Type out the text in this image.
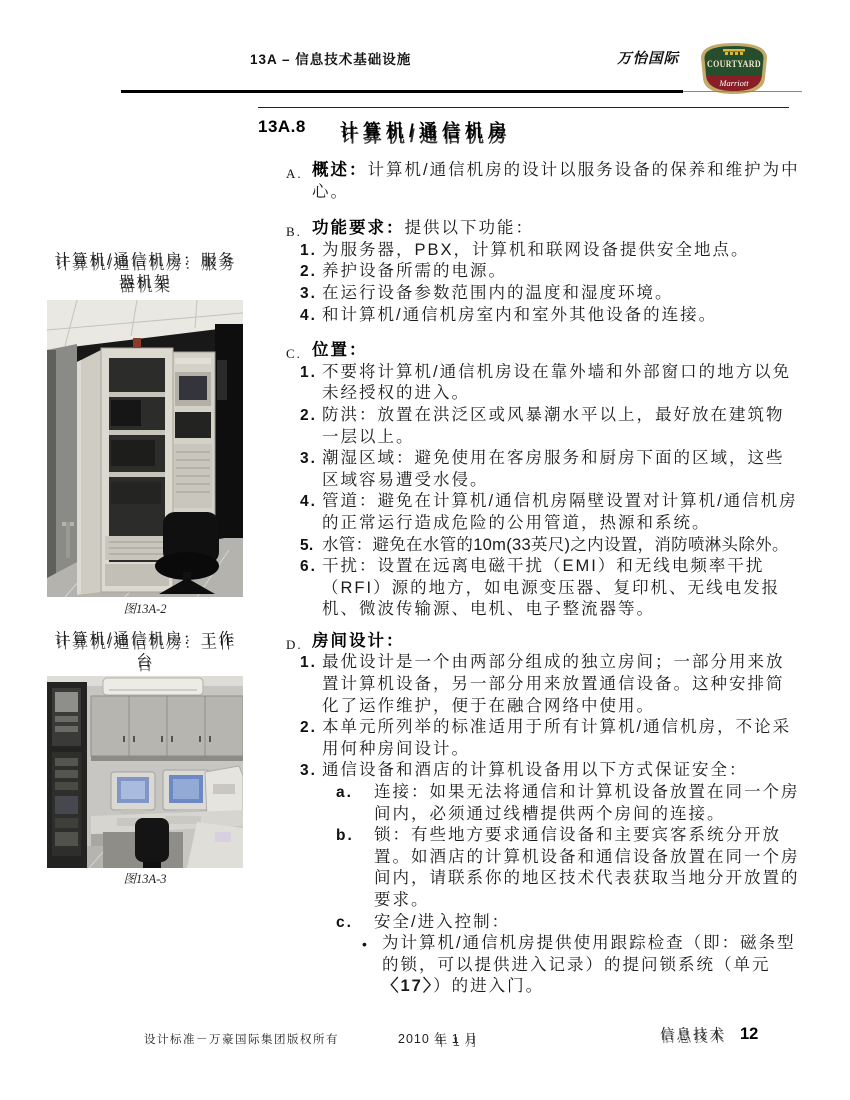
13A – 信息技术基础设施	万怡国际	COURTYARD
Marriott
计算机/通信机房：服务
器机架
图13A-2
计算机/通信机房：工作
台
图13A-3
13A.8 计算机/通信机房
A. 概述：计算机/通信机房的设计以服务设备的保养和维护为中心。
B. 功能要求：提供以下功能：
1. 为服务器，PBX，计算机和联网设备提供安全地点。
2. 养护设备所需的电源。
3. 在运行设备参数范围内的温度和湿度环境。
4. 和计算机/通信机房室内和室外其他设备的连接。
C. 位置：
1. 不要将计算机/通信机房设在靠外墙和外部窗口的地方以免未经授权的进入。
2. 防洪：放置在洪泛区或风暴潮水平以上，最好放在建筑物一层以上。
3. 潮湿区域：避免使用在客房服务和厨房下面的区域，这些区域容易遭受水侵。
4. 管道：避免在计算机/通信机房隔壁设置对计算机/通信机房的正常运行造成危险的公用管道，热源和系统。
5. 水管：避免在水管的10m(33英尺)之内设置，消防喷淋头除外。
6. 干扰：设置在远离电磁干扰（EMI）和无线电频率干扰（RFI）源的地方，如电源变压器、复印机、无线电发报机、微波传输源、电机、电子整流器等。
D. 房间设计：
1. 最优设计是一个由两部分组成的独立房间；一部分用来放置计算机设备，另一部分用来放置通信设备。这种安排简化了运作维护，便于在融合网络中使用。
2. 本单元所列举的标准适用于所有计算机/通信机房，不论采用何种房间设计。
3. 通信设备和酒店的计算机设备用以下方式保证安全：
a. 连接：如果无法将通信和计算机设备放置在同一个房间内，必须通过线槽提供两个房间的连接。
b. 锁：有些地方要求通信设备和主要宾客系统分开放置。如酒店的计算机设备和通信设备放置在同一个房间内，请联系你的地区技术代表获取当地分开放置的要求。
c. 安全/进入控制：
• 为计算机/通信机房提供使用跟踪检查（即：磁条型的锁，可以提供进入记录）的提问锁系统（单元 〈17〉）的进入门。
设计标准－万豪国际集团版权所有	2010 年 1 月	信息技术 12
